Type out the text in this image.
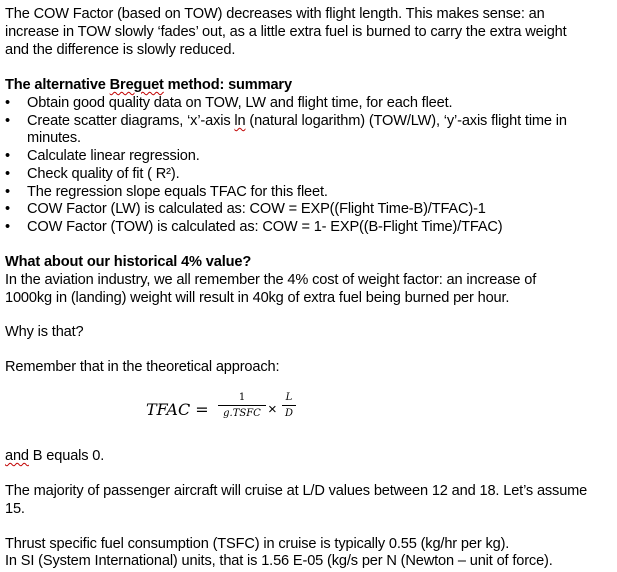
The COW Factor (based on TOW) decreases with flight length. This makes sense: an
increase in TOW slowly ‘fades’ out, as a little extra fuel is burned to carry the extra weight
and the difference is slowly reduced.
The alternative Breguet method: summary
•	Obtain good quality data on TOW, LW and flight time, for each fleet.
•	Create scatter diagrams, ‘x’-axis ln (natural logarithm) (TOW/LW), ‘y’-axis flight time in
minutes.
•	Calculate linear regression.
•	Check quality of fit ( R²).
•	The regression slope equals TFAC for this fleet.
•	COW Factor (LW) is calculated as: COW = EXP((Flight Time-B)/TFAC)-1
•	COW Factor (TOW) is calculated as: COW = 1- EXP((B-Flight Time)/TFAC)
What about our historical 4% value?
In the aviation industry, we all remember the 4% cost of weight factor: an increase of
1000kg in (landing) weight will result in 40kg of extra fuel being burned per hour.
Why is that?
Remember that in the theoretical approach:
TFAC =
1
g.TSFC ×
L
D
and B equals 0.
The majority of passenger aircraft will cruise at L/D values between 12 and 18. Let’s assume
15.
Thrust specific fuel consumption (TSFC) in cruise is typically 0.55 (kg/hr per kg).
In SI (System International) units, that is 1.56 E-05 (kg/s per N (Newton – unit of force).
